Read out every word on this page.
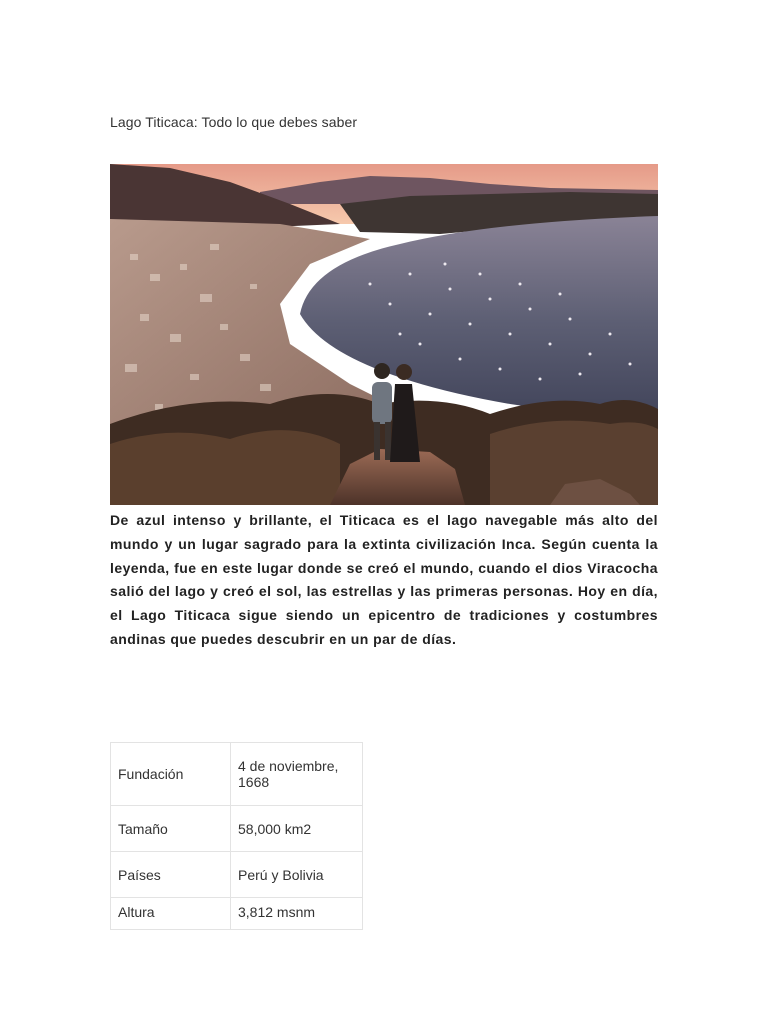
Lago Titicaca: Todo lo que debes saber

De azul intenso y brillante, el Titicaca es el lago navegable más alto del mundo y un lugar sagrado para la extinta civilización Inca. Según cuenta la leyenda, fue en este lugar donde se creó el mundo, cuando el dios Viracocha salió del lago y creó el sol, las estrellas y las primeras personas. Hoy en día, el Lago Titicaca sigue siendo un epicentro de tradiciones y costumbres andinas que puedes descubrir en un par de días.

Fundación	4 de noviembre, 1668
Tamaño	58,000 km2
Países	Perú y Bolivia
Altura	3,812 msnm
